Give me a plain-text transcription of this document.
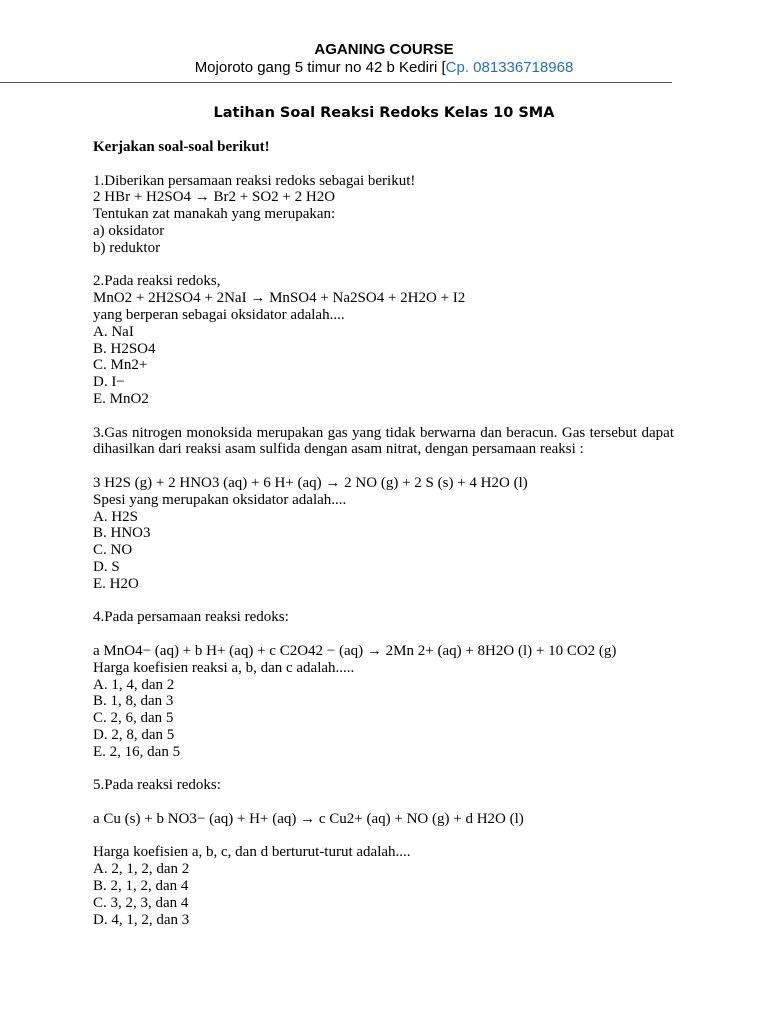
AGANING COURSE
Mojoroto gang 5 timur no 42 b Kediri [Cp. 081336718968
Latihan Soal Reaksi Redoks Kelas 10 SMA
Kerjakan soal-soal berikut!
1.Diberikan persamaan reaksi redoks sebagai berikut!
2 HBr + H2SO4 → Br2 + SO2 + 2 H2O
Tentukan zat manakah yang merupakan:
a) oksidator
b) reduktor
2.Pada reaksi redoks,
MnO2 + 2H2SO4 + 2NaI → MnSO4 + Na2SO4 + 2H2O + I2
yang berperan sebagai oksidator adalah....
A. NaI
B. H2SO4
C. Mn2+
D. I−
E. MnO2
3.Gas nitrogen monoksida merupakan gas yang tidak berwarna dan beracun. Gas tersebut dapat dihasilkan dari reaksi asam sulfida dengan asam nitrat, dengan persamaan reaksi :
3 H2S (g) + 2 HNO3 (aq) + 6 H+ (aq) → 2 NO (g) + 2 S (s) + 4 H2O (l)
Spesi yang merupakan oksidator adalah....
A. H2S
B. HNO3
C. NO
D. S
E. H2O
4.Pada persamaan reaksi redoks:
a MnO4− (aq) + b H+ (aq) + c C2O42 − (aq) → 2Mn 2+ (aq) + 8H2O (l) + 10 CO2 (g)
Harga koefisien reaksi a, b, dan c adalah.....
A. 1, 4, dan 2
B. 1, 8, dan 3
C. 2, 6, dan 5
D. 2, 8, dan 5
E. 2, 16, dan 5
5.Pada reaksi redoks:
a Cu (s) + b NO3− (aq) + H+ (aq) → c Cu2+ (aq) + NO (g) + d H2O (l)
Harga koefisien a, b, c, dan d berturut-turut adalah....
A. 2, 1, 2, dan 2
B. 2, 1, 2, dan 4
C. 3, 2, 3, dan 4
D. 4, 1, 2, dan 3
